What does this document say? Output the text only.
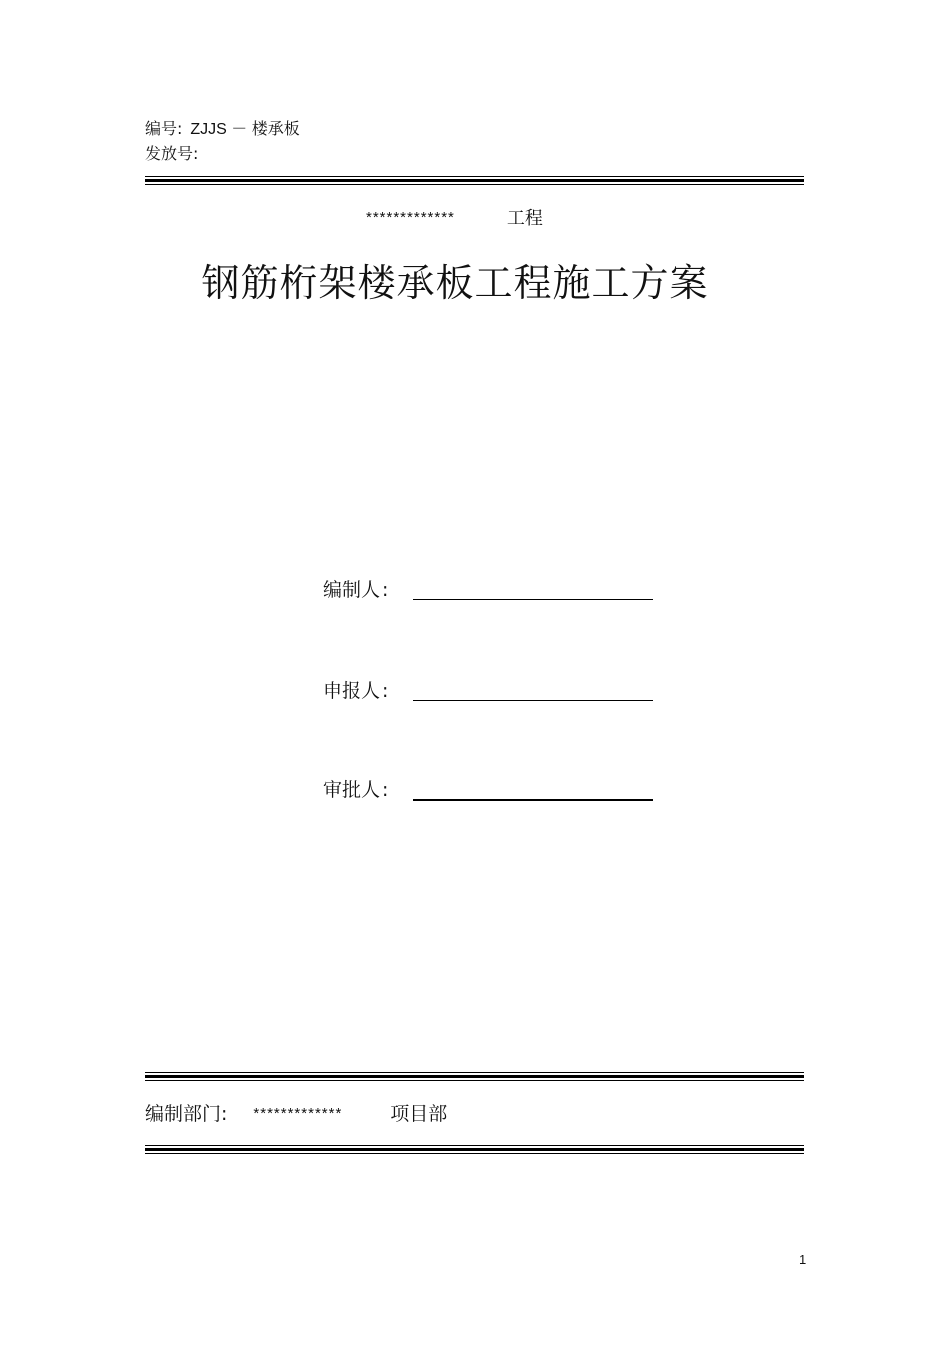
编号: ZJJS － 楼承板
发放号:
*************	工程
钢筋桁架楼承板工程施工方案
编制人 :
申报人 :
审批人 :
编制部门: *************	项目部
1
